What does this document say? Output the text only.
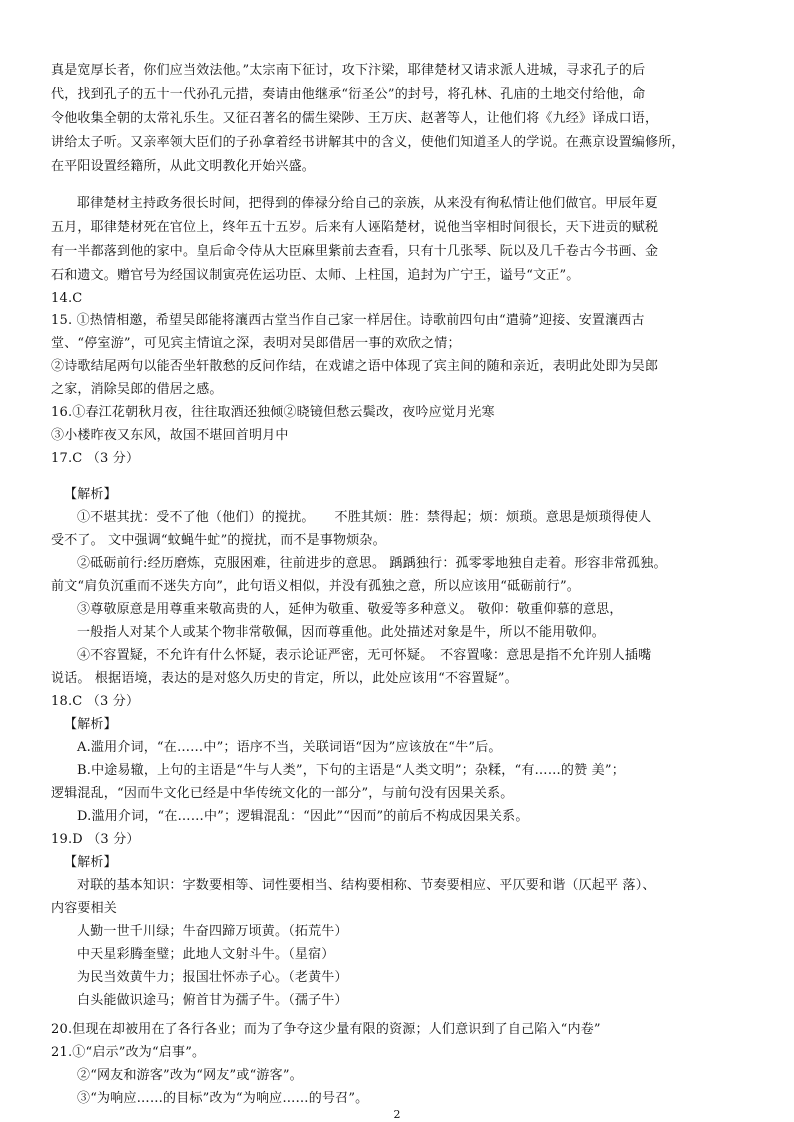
真是宽厚长者，你们应当效法他。”太宗南下征讨，攻下汴梁，耶律楚材又请求派人进城，寻求孔子的后
代，找到孔子的五十一代孙孔元措，奏请由他继承“衍圣公”的封号，将孔林、孔庙的土地交付给他，命
令他收集全朝的太常礼乐生。又征召著名的儒生梁陟、王万庆、赵著等人，让他们将《九经》译成口语，
讲给太子听。又亲率领大臣们的子孙拿着经书讲解其中的含义，使他们知道圣人的学说。在燕京设置编修所，
在平阳设置经籍所，从此文明教化开始兴盛。
耶律楚材主持政务很长时间，把得到的俸禄分给自己的亲族，从来没有徇私情让他们做官。甲辰年夏
五月，耶律楚材死在官位上，终年五十五岁。后来有人诬陷楚材，说他当宰相时间很长，天下进贡的赋税
有一半都落到他的家中。皇后命令侍从大臣麻里紫前去查看，只有十几张琴、阮以及几千卷古今书画、金
石和遗文。赠官号为经国议制寅亮佐运功臣、太师、上柱国，追封为广宁王，谥号“文正”。
14.C
15. ①热情相邀，希望吴郎能将瀼西古堂当作自己家一样居住。诗歌前四句由“遣骑”迎接、安置瀼西古
堂、“停室游”，可见宾主情谊之深，表明对吴郎借居一事的欢欣之情；
②诗歌结尾两句以能否坐轩散愁的反问作结，在戏谑之语中体现了宾主间的随和亲近，表明此处即为吴郎
之家，消除吴郎的借居之感。
16.①春江花朝秋月夜，往往取酒还独倾②晓镜但愁云鬓改，夜吟应觉月光寒
③小楼昨夜又东风，故国不堪回首明月中
17.C （3 分）
【解析】
①不堪其扰：受不了他（他们）的搅扰。　　不胜其烦：胜：禁得起；烦：烦琐。意思是烦琐得使人
受不了。 文中强调“蚊蝇牛虻”的搅扰，而不是事物烦杂。
②砥砺前行:经历磨炼，克服困难，往前进步的意思。 踽踽独行：孤零零地独自走着。形容非常孤独。
前文“肩负沉重而不迷失方向”，此句语义相似，并没有孤独之意，所以应该用“砥砺前行”。
③尊敬原意是用尊重来敬高贵的人，延伸为敬重、敬爱等多种意义。 敬仰：敬重仰慕的意思，
一般指人对某个人或某个物非常敬佩，因而尊重他。此处描述对象是牛，所以不能用敬仰。
④不容置疑，不允许有什么怀疑，表示论证严密，无可怀疑。　不容置喙：意思是指不允许别人插嘴
说话。 根据语境，表达的是对悠久历史的肯定，所以，此处应该用“不容置疑”。
18.C （3 分）
【解析】
A.滥用介词，“在……中”；语序不当，关联词语“因为”应该放在“牛”后。
B.中途易辙，上句的主语是“牛与人类”，下句的主语是“人类文明”；杂糅，“有……的赞 美”；
逻辑混乱，“因而牛文化已经是中华传统文化的一部分”，与前句没有因果关系。
D.滥用介词，“在……中”；逻辑混乱：“因此”“因而”的前后不构成因果关系。
19.D （3 分）
【解析】
对联的基本知识：字数要相等、词性要相当、结构要相称、节奏要相应、平仄要和谐（仄起平 落）、
内容要相关
人勤一世千川绿；牛奋四蹄万顷黄。（拓荒牛）
中天星彩腾奎璧；此地人文射斗牛。（星宿）
为民当效黄牛力；报国壮怀赤子心。（老黄牛）
白头能做识途马；俯首甘为孺子牛。（孺子牛）
20.但现在却被用在了各行各业；而为了争夺这少量有限的资源；人们意识到了自己陷入“内卷”
21.①“启示”改为“启事”。
②“网友和游客”改为“网友”或“游客”。
③“为响应……的目标”改为“为响应……的号召”。
2
